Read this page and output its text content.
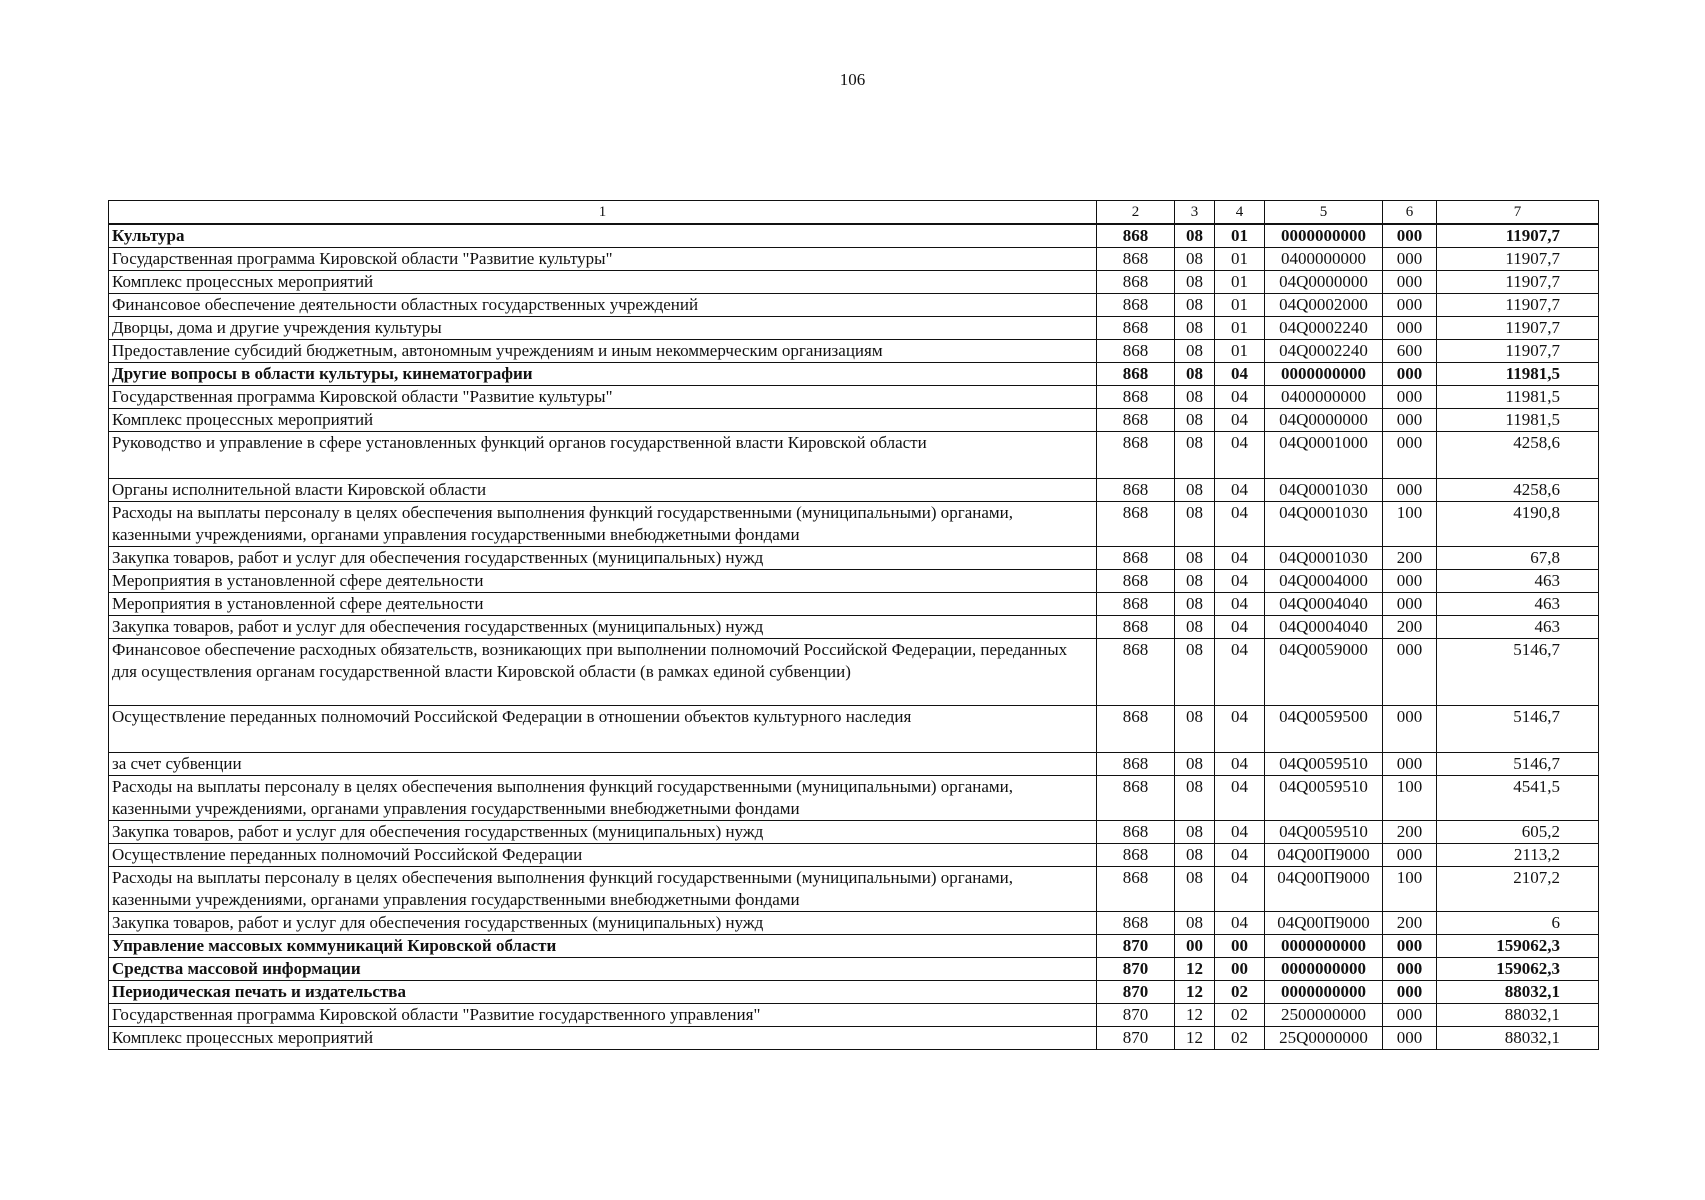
106
1	2	3	4	5	6	7
Культура	868	08	01	0000000000	000	11907,7
Государственная программа Кировской области "Развитие культуры"	868	08	01	0400000000	000	11907,7
Комплекс процессных мероприятий	868	08	01	04Q0000000	000	11907,7
Финансовое обеспечение деятельности областных государственных учреждений	868	08	01	04Q0002000	000	11907,7
Дворцы, дома и другие учреждения культуры	868	08	01	04Q0002240	000	11907,7
Предоставление субсидий бюджетным, автономным учреждениям и иным некоммерческим организациям	868	08	01	04Q0002240	600	11907,7
Другие вопросы в области культуры, кинематографии	868	08	04	0000000000	000	11981,5
Государственная программа Кировской области "Развитие культуры"	868	08	04	0400000000	000	11981,5
Комплекс процессных мероприятий	868	08	04	04Q0000000	000	11981,5
Руководство и управление в сфере установленных функций органов государственной власти Кировской области	868	08	04	04Q0001000	000	4258,6
Органы исполнительной власти Кировской области	868	08	04	04Q0001030	000	4258,6
Расходы на выплаты персоналу в целях обеспечения выполнения функций государственными (муниципальными) органами, казенными учреждениями, органами управления государственными внебюджетными фондами	868	08	04	04Q0001030	100	4190,8
Закупка товаров, работ и услуг для обеспечения государственных (муниципальных) нужд	868	08	04	04Q0001030	200	67,8
Мероприятия в установленной сфере деятельности	868	08	04	04Q0004000	000	463
Мероприятия в установленной сфере деятельности	868	08	04	04Q0004040	000	463
Закупка товаров, работ и услуг для обеспечения государственных (муниципальных) нужд	868	08	04	04Q0004040	200	463
Финансовое обеспечение расходных обязательств, возникающих при выполнении полномочий Российской Федерации, переданных для осуществления органам государственной власти Кировской области (в рамках единой субвенции)	868	08	04	04Q0059000	000	5146,7
Осуществление переданных полномочий Российской Федерации в отношении объектов культурного наследия	868	08	04	04Q0059500	000	5146,7
за счет субвенции	868	08	04	04Q0059510	000	5146,7
Расходы на выплаты персоналу в целях обеспечения выполнения функций государственными (муниципальными) органами, казенными учреждениями, органами управления государственными внебюджетными фондами	868	08	04	04Q0059510	100	4541,5
Закупка товаров, работ и услуг для обеспечения государственных (муниципальных) нужд	868	08	04	04Q0059510	200	605,2
Осуществление переданных полномочий Российской Федерации	868	08	04	04Q00П9000	000	2113,2
Расходы на выплаты персоналу в целях обеспечения выполнения функций государственными (муниципальными) органами, казенными учреждениями, органами управления государственными внебюджетными фондами	868	08	04	04Q00П9000	100	2107,2
Закупка товаров, работ и услуг для обеспечения государственных (муниципальных) нужд	868	08	04	04Q00П9000	200	6
Управление массовых коммуникаций Кировской области	870	00	00	0000000000	000	159062,3
Средства массовой информации	870	12	00	0000000000	000	159062,3
Периодическая печать и издательства	870	12	02	0000000000	000	88032,1
Государственная программа Кировской области "Развитие государственного управления"	870	12	02	2500000000	000	88032,1
Комплекс процессных мероприятий	870	12	02	25Q0000000	000	88032,1
